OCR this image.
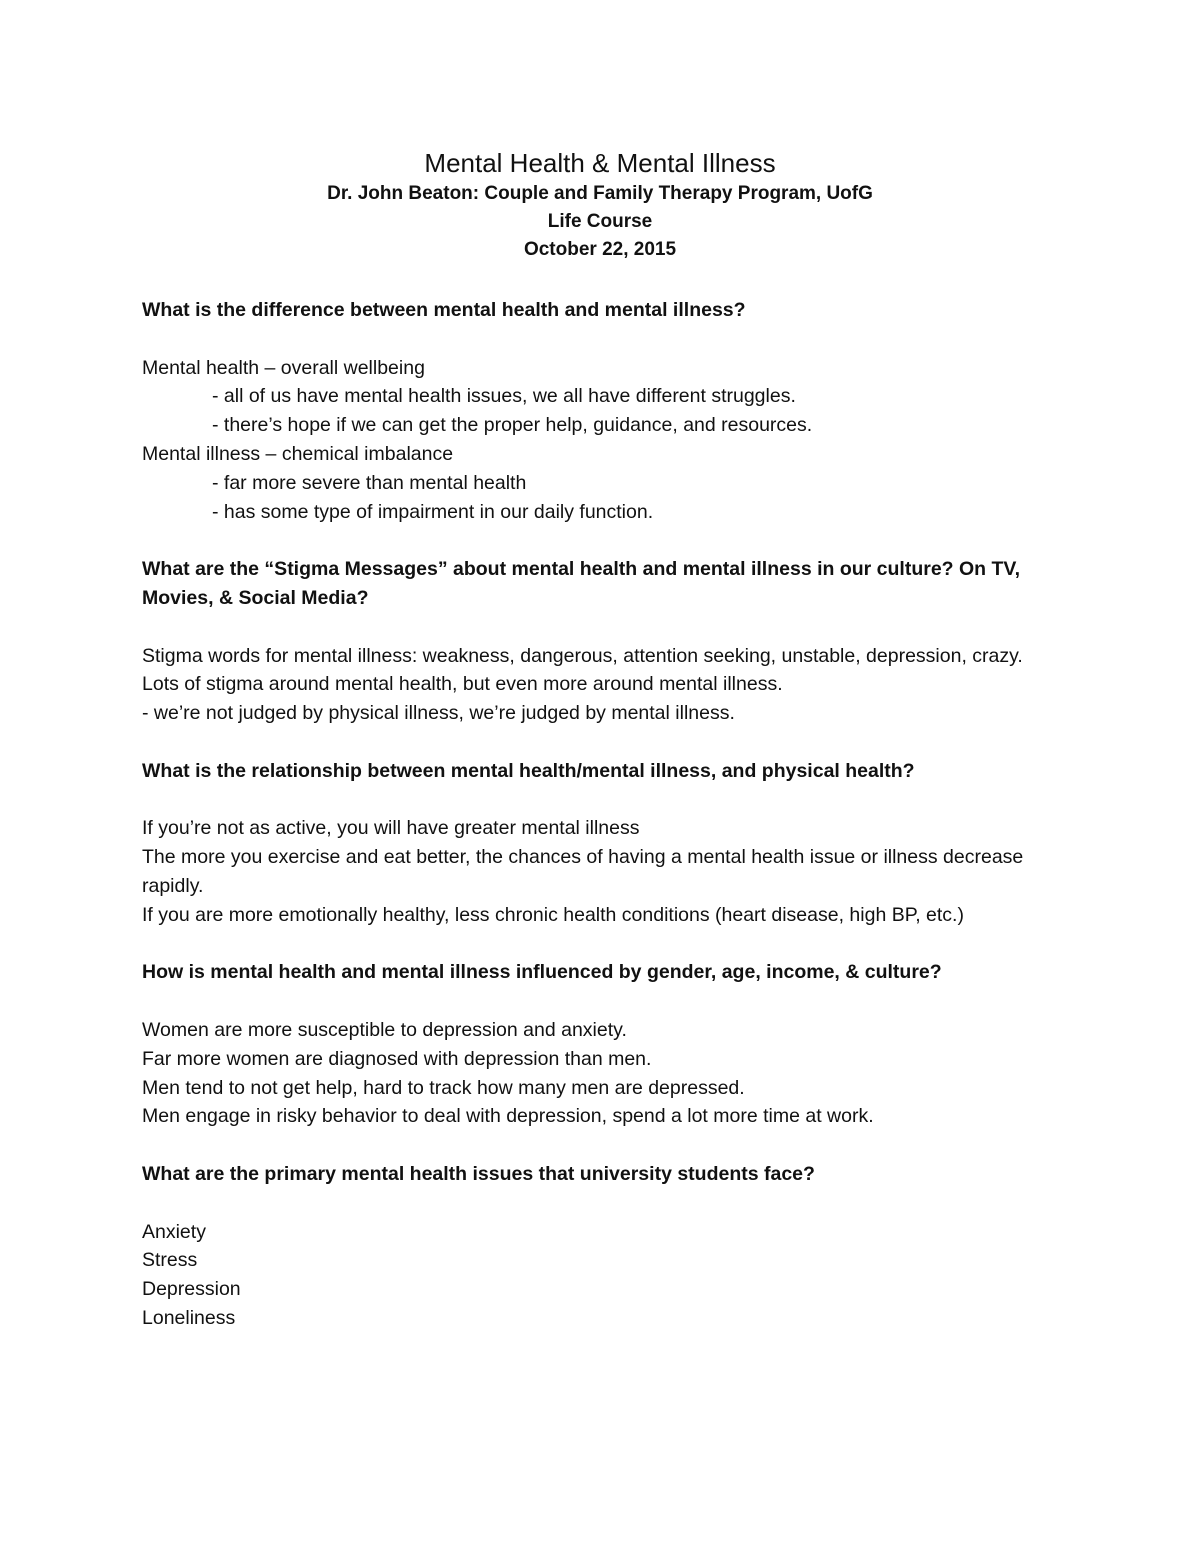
Mental Health & Mental Illness

Dr. John Beaton: Couple and Family Therapy Program, UofG

Life Course

October 22, 2015

What is the difference between mental health and mental illness?

Mental health – overall wellbeing

- all of us have mental health issues, we all have different struggles.

- there’s hope if we can get the proper help, guidance, and resources.

Mental illness – chemical imbalance

- far more severe than mental health

- has some type of impairment in our daily function.

What are the “Stigma Messages” about mental health and mental illness in our culture? On TV, Movies, & Social Media?

Stigma words for mental illness: weakness, dangerous, attention seeking, unstable, depression, crazy.

Lots of stigma around mental health, but even more around mental illness.

- we’re not judged by physical illness, we’re judged by mental illness.

What is the relationship between mental health/mental illness, and physical health?

If you’re not as active, you will have greater mental illness

The more you exercise and eat better, the chances of having a mental health issue or illness decrease rapidly.

If you are more emotionally healthy, less chronic health conditions (heart disease, high BP, etc.)

How is mental health and mental illness influenced by gender, age, income, & culture?

Women are more susceptible to depression and anxiety.

Far more women are diagnosed with depression than men.

Men tend to not get help, hard to track how many men are depressed.

Men engage in risky behavior to deal with depression, spend a lot more time at work.

What are the primary mental health issues that university students face?

Anxiety

Stress

Depression

Loneliness
